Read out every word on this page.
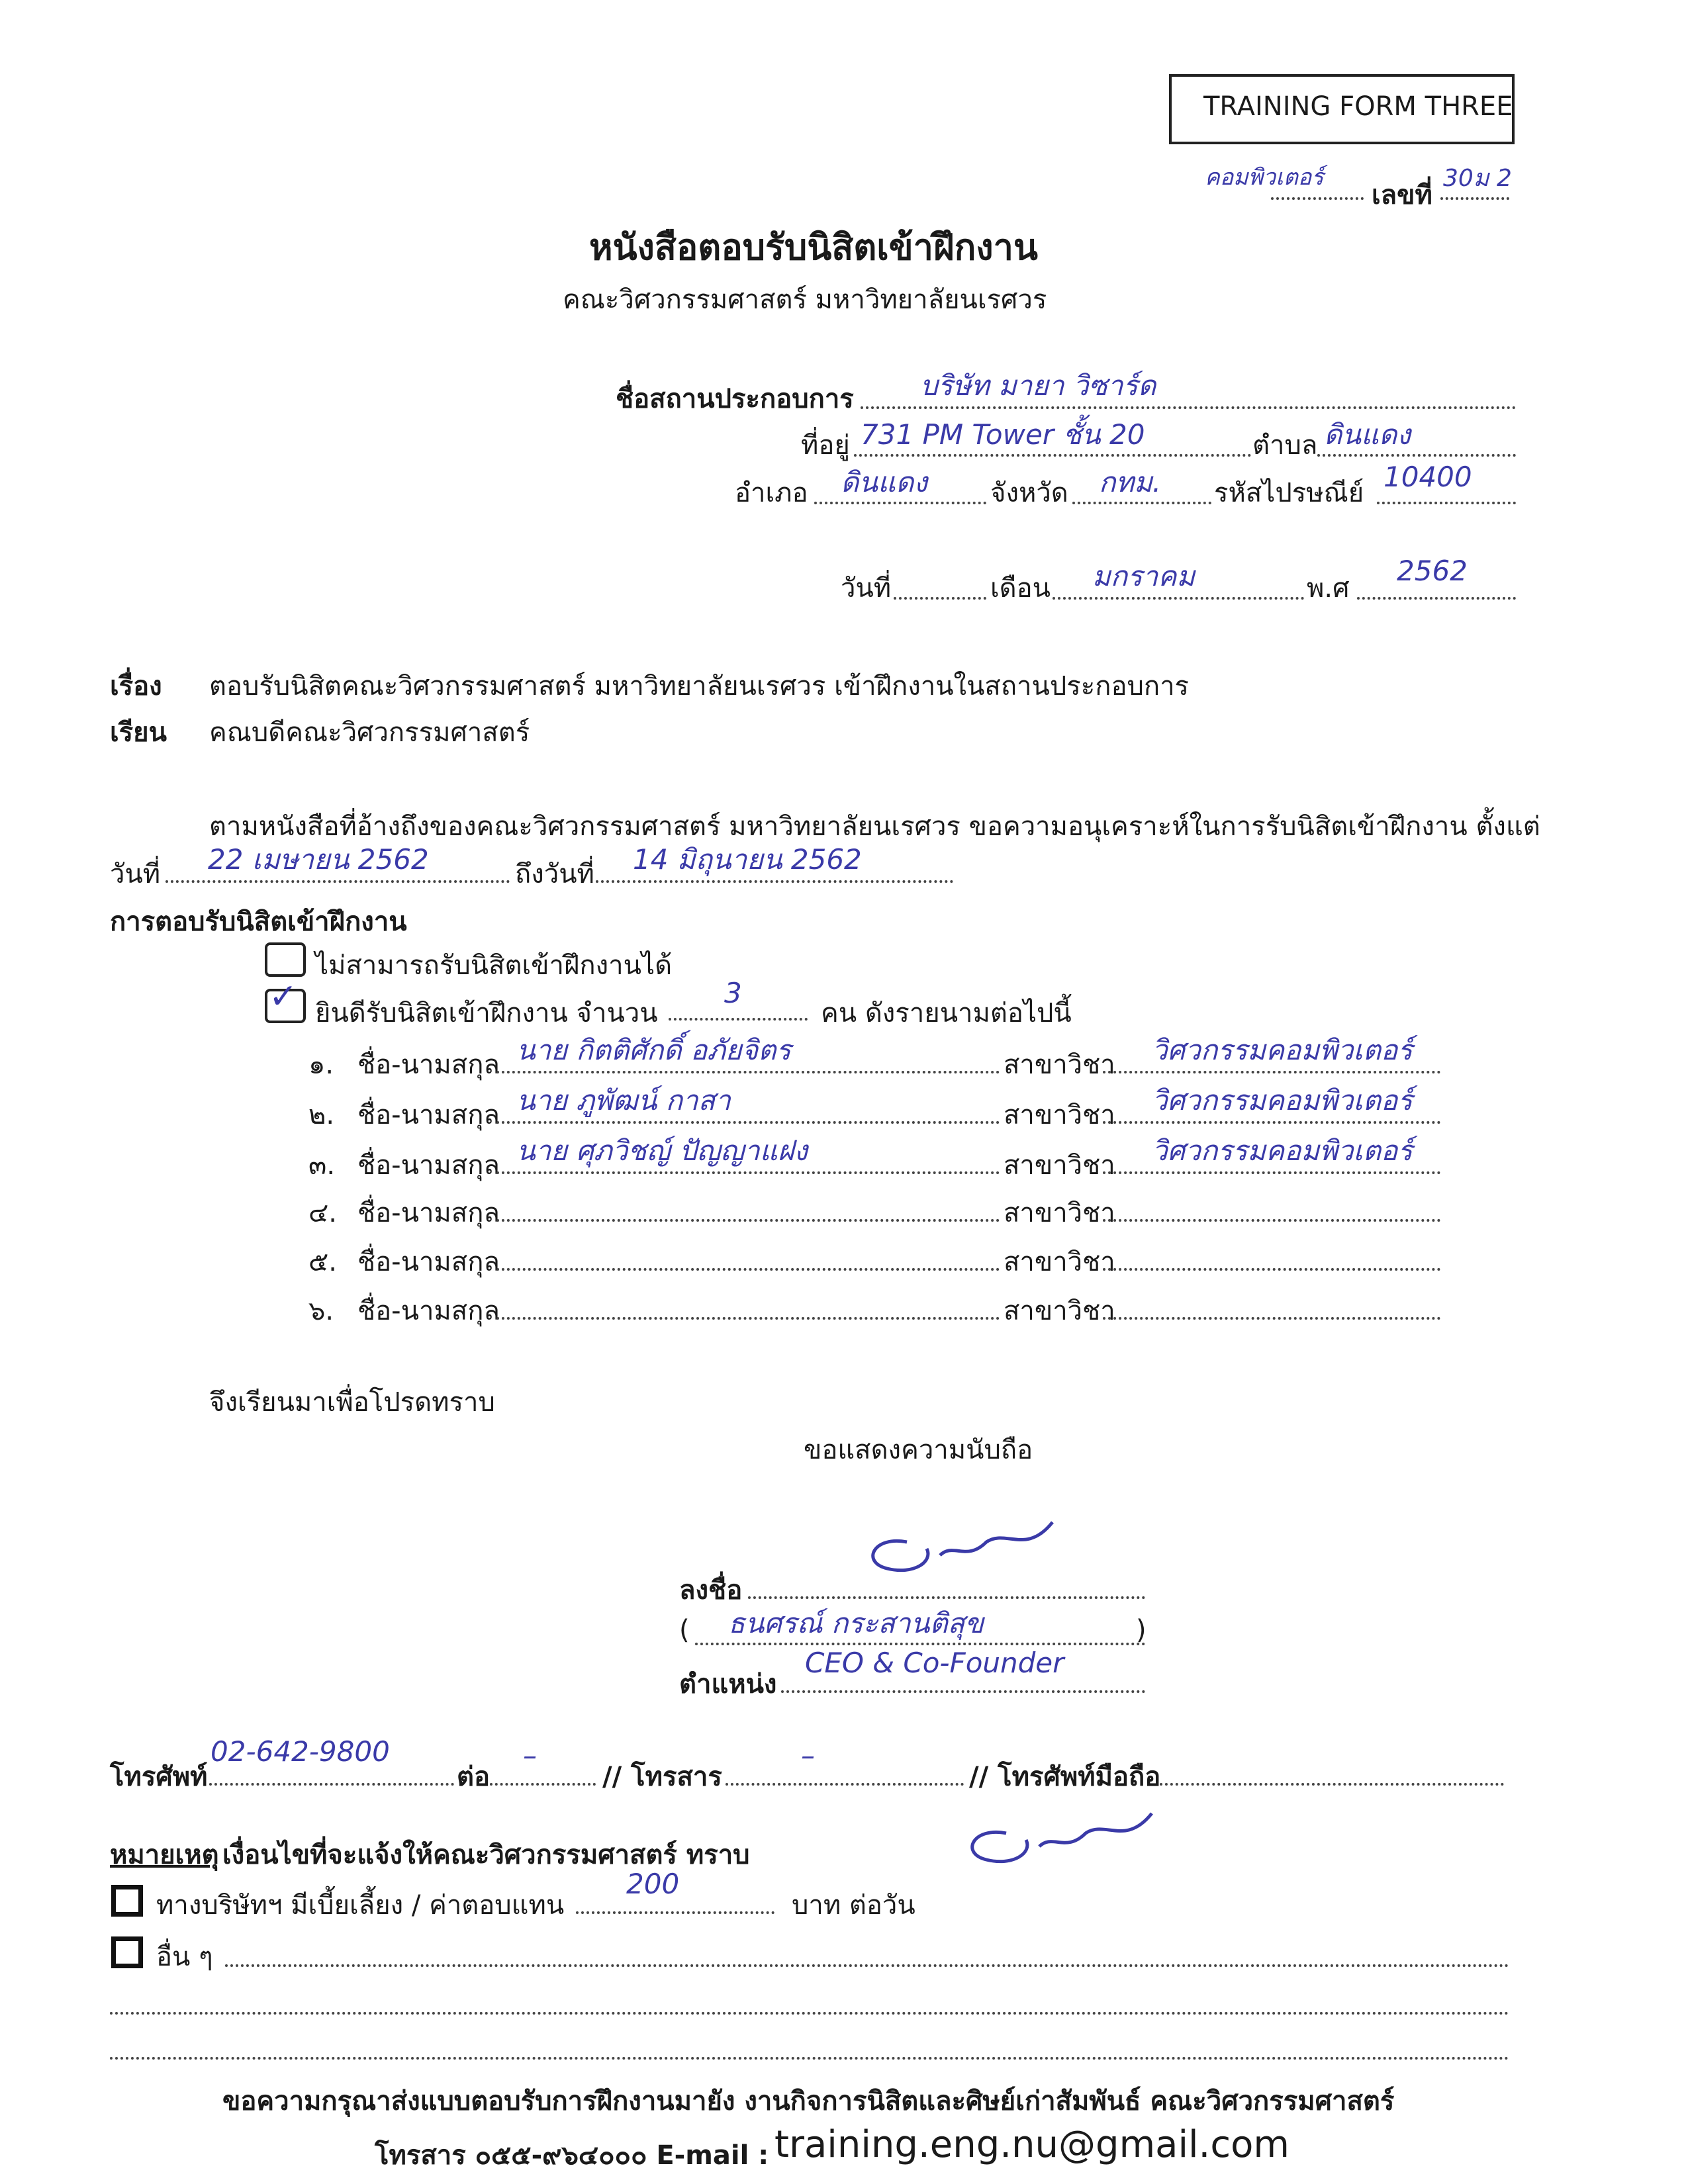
TRAINING FORM THREE
คอมพิวเตอร์
เลขที่
30ม 2
หนังสือตอบรับนิสิตเข้าฝึกงาน
คณะวิศวกรรมศาสตร์ มหาวิทยาลัยนเรศวร
ชื่อสถานประกอบการ บริษัท มายา วิซาร์ด
ที่อยู่ 731 PM Tower ชั้น 20	ตำบล ดินแดง
อำเภอ ดินแดง จังหวัด กทม. รหัสไปรษณีย์ 10400
วันที่	เดือน มกราคม	พ.ศ
2562
เรื่อง ตอบรับนิสิตคณะวิศวกรรมศาสตร์ มหาวิทยาลัยนเรศวร เข้าฝึกงานในสถานประกอบการ
เรียน คณบดีคณะวิศวกรรมศาสตร์
ตามหนังสือที่อ้างถึงของคณะวิศวกรรมศาสตร์ มหาวิทยาลัยนเรศวร ขอความอนุเคราะห์ในการรับนิสิตเข้าฝึกงาน ตั้งแต่
วันที่ 22 เมษายน 2562	ถึงวันที่ 14 มิถุนายน 2562
การตอบรับนิสิตเข้าฝึกงาน
ไม่สามารถรับนิสิตเข้าฝึกงานได้
✓ ยินดีรับนิสิตเข้าฝึกงาน จำนวน
3
คน ดังรายนามต่อไปนี้
๑. ชื่อ-นามสกุล นาย กิตติศักดิ์ อภัยจิตร	สาขาวิชา วิศวกรรมคอมพิวเตอร์
๒. ชื่อ-นามสกุล นาย ภูพัฒน์ กาสา	สาขาวิชา วิศวกรรมคอมพิวเตอร์
๓. ชื่อ-นามสกุล นาย ศุภวิชญ์ ปัญญาแฝง	สาขาวิชา วิศวกรรมคอมพิวเตอร์
๔. ชื่อ-นามสกุล	สาขาวิชา
๕. ชื่อ-นามสกุล	สาขาวิชา
๖. ชื่อ-นามสกุล	สาขาวิชา
จึงเรียนมาเพื่อโปรดทราบ
ขอแสดงความนับถือ
ลงชื่อ
( ธนศรณ์ กระสานติสุข	)
ตำแหน่ง
CEO & Co-Founder
โทรศัพท์
02-642-9800
ต่อ
–
// โทรสาร
–
// โทรศัพท์มือถือ
หมายเหตุ เงื่อนไขที่จะแจ้งให้คณะวิศวกรรมศาสตร์ ทราบ
ทางบริษัทฯ มีเบี้ยเลี้ยง / ค่าตอบแทน
200
บาท ต่อวัน
อื่น ๆ
ขอความกรุณาส่งแบบตอบรับการฝึกงานมายัง งานกิจการนิสิตและศิษย์เก่าสัมพันธ์ คณะวิศวกรรมศาสตร์
โทรสาร ๐๕๕-๙๖๔๐๐๐ E-mail : training.eng.nu@gmail.com
